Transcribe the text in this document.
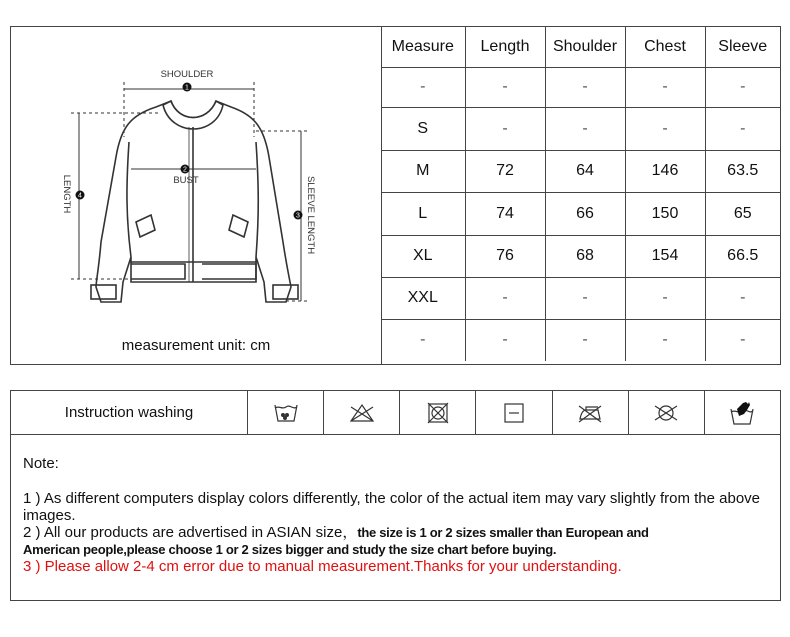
1
2
3
4
SHOULDER
BUST
LENGTH	SLEEVE LENGTH
measurement unit: cm
Measure	Length	Shoulder	Chest	Sleeve
-	-	-	-	-
S	-	-	-	-
M	72	64	146	63.5
L	74	66	150	65
XL	76	68	154	66.5
XXL	-	-	-	-
-	-	-	-	-
Instruction washing
Note:

1 ) As different computers display colors differently, the color of the actual item may vary slightly from the above images.

2 ) All our products are advertised in ASIAN size，the size is 1 or 2 sizes smaller than European and

American people,please choose 1 or 2 sizes bigger and study the size chart before buying.

3 ) Please allow 2-4 cm error due to manual measurement.Thanks for your understanding.
